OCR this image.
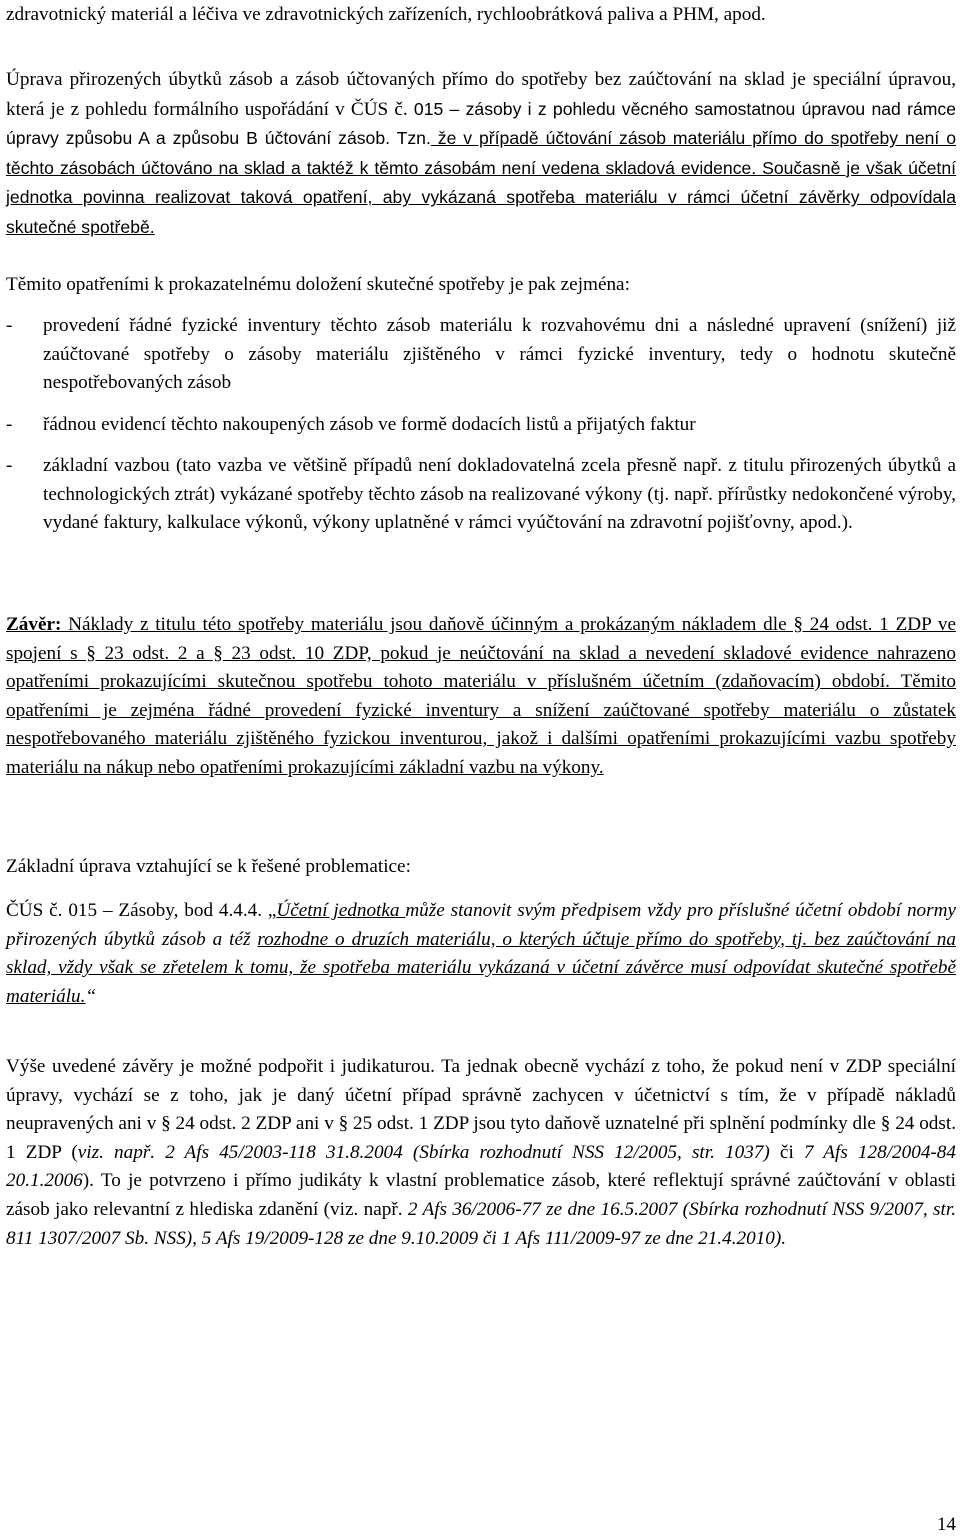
zdravotnický materiál a léčiva ve zdravotnických zařízeních, rychloobrátková paliva a PHM, apod.

Úprava přirozených úbytků zásob a zásob účtovaných přímo do spotřeby bez zaúčtování na sklad je speciální úpravou, která je z pohledu formálního uspořádání v ČÚS č. 015 – zásoby i z pohledu věcného samostatnou úpravou nad rámce úpravy způsobu A a způsobu B účtování zásob. Tzn. že v případě účtování zásob materiálu přímo do spotřeby není o těchto zásobách účtováno na sklad a taktéž k těmto zásobám není vedena skladová evidence. Současně je však účetní jednotka povinna realizovat taková opatření, aby vykázaná spotřeba materiálu v rámci účetní závěrky odpovídala skutečné spotřebě.

Těmito opatřeními k prokazatelnému doložení skutečné spotřeby je pak zejména:

- provedení řádné fyzické inventury těchto zásob materiálu k rozvahovému dni a následné upravení (snížení) již zaúčtované spotřeby o zásoby materiálu zjištěného v rámci fyzické inventury, tedy o hodnotu skutečně nespotřebovaných zásob

- řádnou evidencí těchto nakoupených zásob ve formě dodacích listů a přijatých faktur

- základní vazbou (tato vazba ve většině případů není dokladovatelná zcela přesně např. z titulu přirozených úbytků a technologických ztrát) vykázané spotřeby těchto zásob na realizované výkony (tj. např. přírůstky nedokončené výroby, vydané faktury, kalkulace výkonů, výkony uplatněné v rámci vyúčtování na zdravotní pojišťovny, apod.).

Závěr: Náklady z titulu této spotřeby materiálu jsou daňově účinným a prokázaným nákladem dle § 24 odst. 1 ZDP ve spojení s § 23 odst. 2 a § 23 odst. 10 ZDP, pokud je neúčtování na sklad a nevedení skladové evidence nahrazeno opatřeními prokazujícími skutečnou spotřebu tohoto materiálu v příslušném účetním (zdaňovacím) období. Těmito opatřeními je zejména řádné provedení fyzické inventury a snížení zaúčtované spotřeby materiálu o zůstatek nespotřebovaného materiálu zjištěného fyzickou inventurou, jakož i dalšími opatřeními prokazujícími vazbu spotřeby materiálu na nákup nebo opatřeními prokazujícími základní vazbu na výkony.

Základní úprava vztahující se k řešené problematice:

ČÚS č. 015 – Zásoby, bod 4.4.4. „Účetní jednotka může stanovit svým předpisem vždy pro příslušné účetní období normy přirozených úbytků zásob a též rozhodne o druzích materiálu, o kterých účtuje přímo do spotřeby, tj. bez zaúčtování na sklad, vždy však se zřetelem k tomu, že spotřeba materiálu vykázaná v účetní závěrce musí odpovídat skutečné spotřebě materiálu.“

Výše uvedené závěry je možné podpořit i judikaturou. Ta jednak obecně vychází z toho, že pokud není v ZDP speciální úpravy, vychází se z toho, jak je daný účetní případ správně zachycen v účetnictví s tím, že v případě nákladů neupravených ani v § 24 odst. 2 ZDP ani v § 25 odst. 1 ZDP jsou tyto daňově uznatelné při splnění podmínky dle § 24 odst. 1 ZDP (viz. např. 2 Afs 45/2003-118 31.8.2004 (Sbírka rozhodnutí NSS 12/2005, str. 1037) či 7 Afs 128/2004-84 20.1.2006). To je potvrzeno i přímo judikáty k vlastní problematice zásob, které reflektují správné zaúčtování v oblasti zásob jako relevantní z hlediska zdanění (viz. např. 2 Afs 36/2006-77 ze dne 16.5.2007 (Sbírka rozhodnutí NSS 9/2007, str. 811 1307/2007 Sb. NSS), 5 Afs 19/2009-128 ze dne 9.10.2009 či 1 Afs 111/2009-97 ze dne 21.4.2010).

14
